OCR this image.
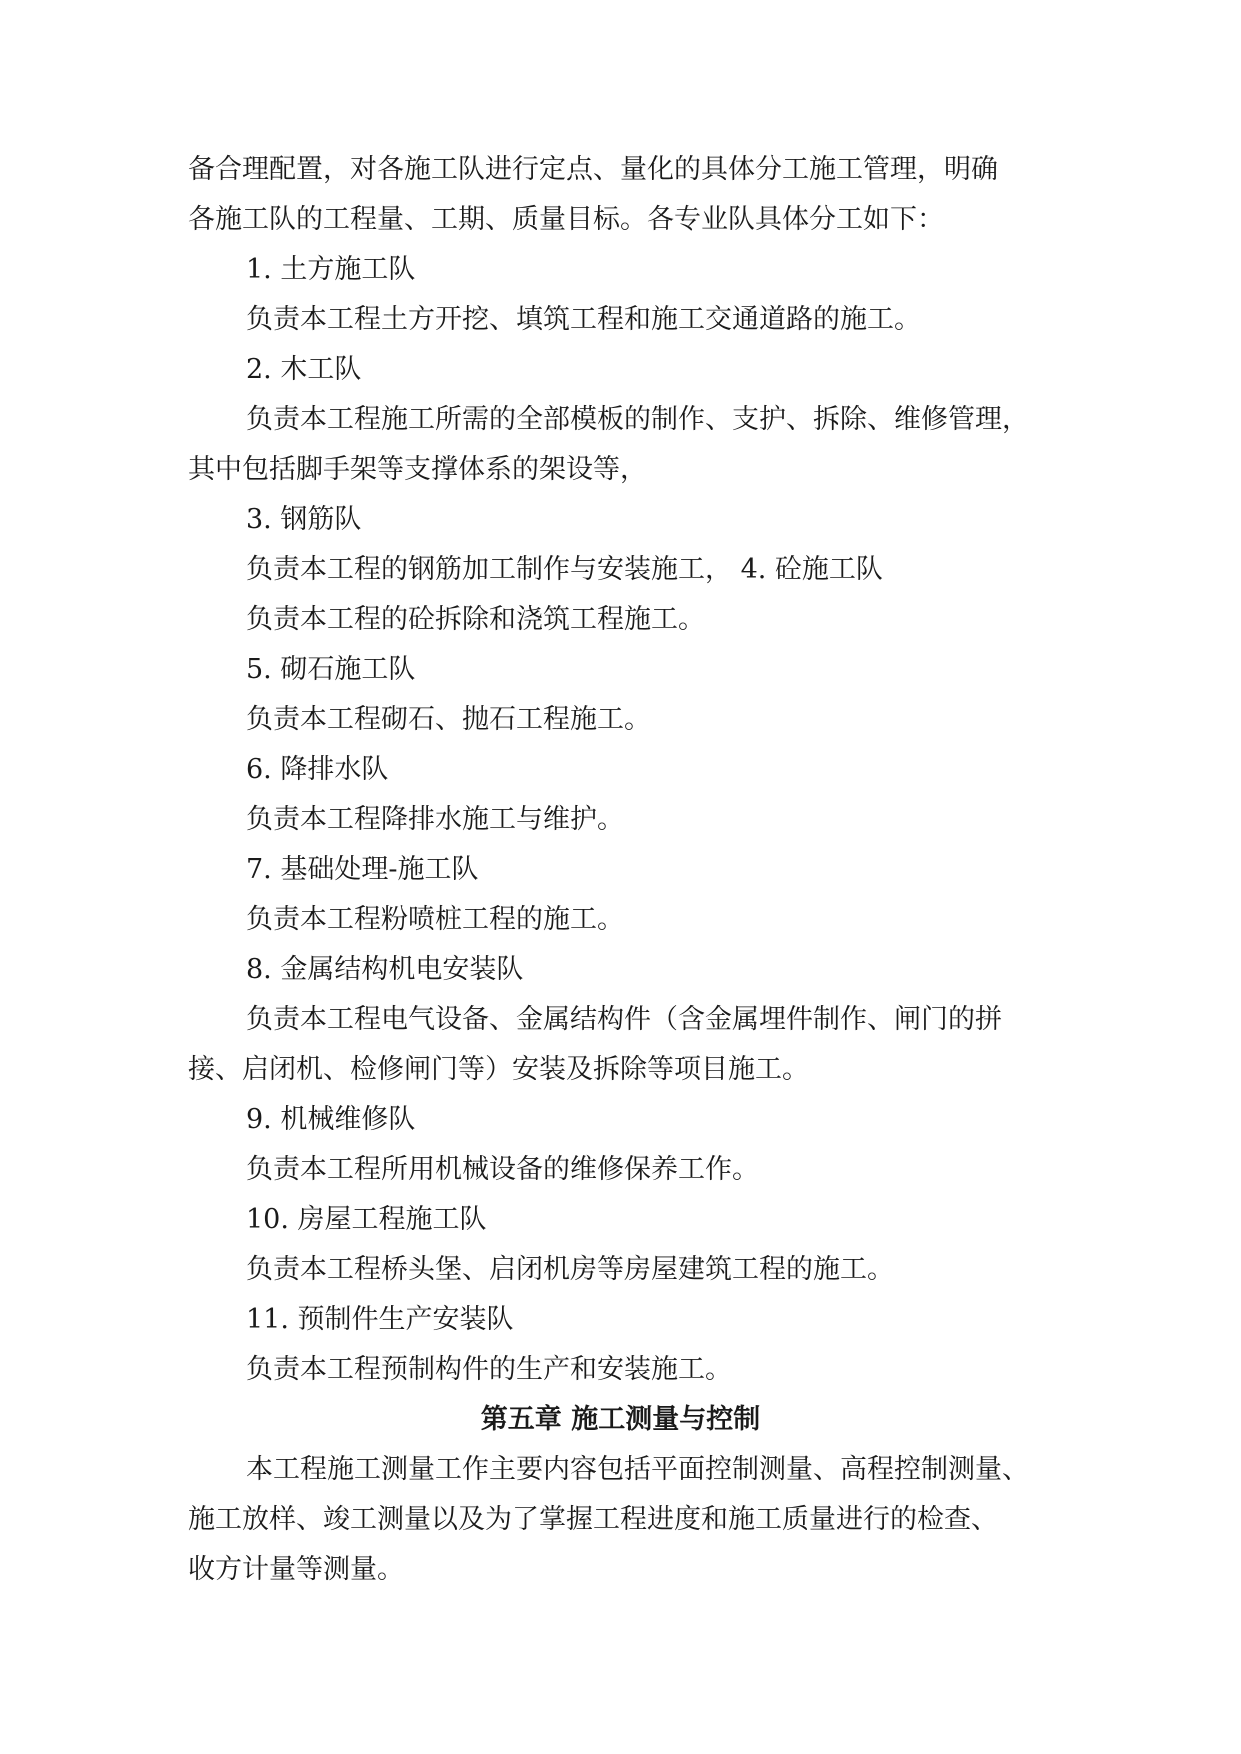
备合理配置，对各施工队进行定点、量化的具体分工施工管理，明确
各施工队的工程量、工期、质量目标。各专业队具体分工如下：
1. 土方施工队
负责本工程土方开挖、填筑工程和施工交通道路的施工。
2. 木工队
负责本工程施工所需的全部模板的制作、支护、拆除、维修管理，
其中包括脚手架等支撑体系的架设等，
3. 钢筋队
负责本工程的钢筋加工制作与安装施工， 4. 砼施工队
负责本工程的砼拆除和浇筑工程施工。
5. 砌石施工队
负责本工程砌石、抛石工程施工。
6. 降排水队
负责本工程降排水施工与维护。
7. 基础处理-施工队
负责本工程粉喷桩工程的施工。
8. 金属结构机电安装队
负责本工程电气设备、金属结构件（含金属埋件制作、闸门的拼
接、启闭机、检修闸门等）安装及拆除等项目施工。
9. 机械维修队
负责本工程所用机械设备的维修保养工作。
10. 房屋工程施工队
负责本工程桥头堡、启闭机房等房屋建筑工程的施工。
11. 预制件生产安装队
负责本工程预制构件的生产和安装施工。
第五章 施工测量与控制
本工程施工测量工作主要内容包括平面控制测量、高程控制测量、
施工放样、竣工测量以及为了掌握工程进度和施工质量进行的检查、
收方计量等测量。
